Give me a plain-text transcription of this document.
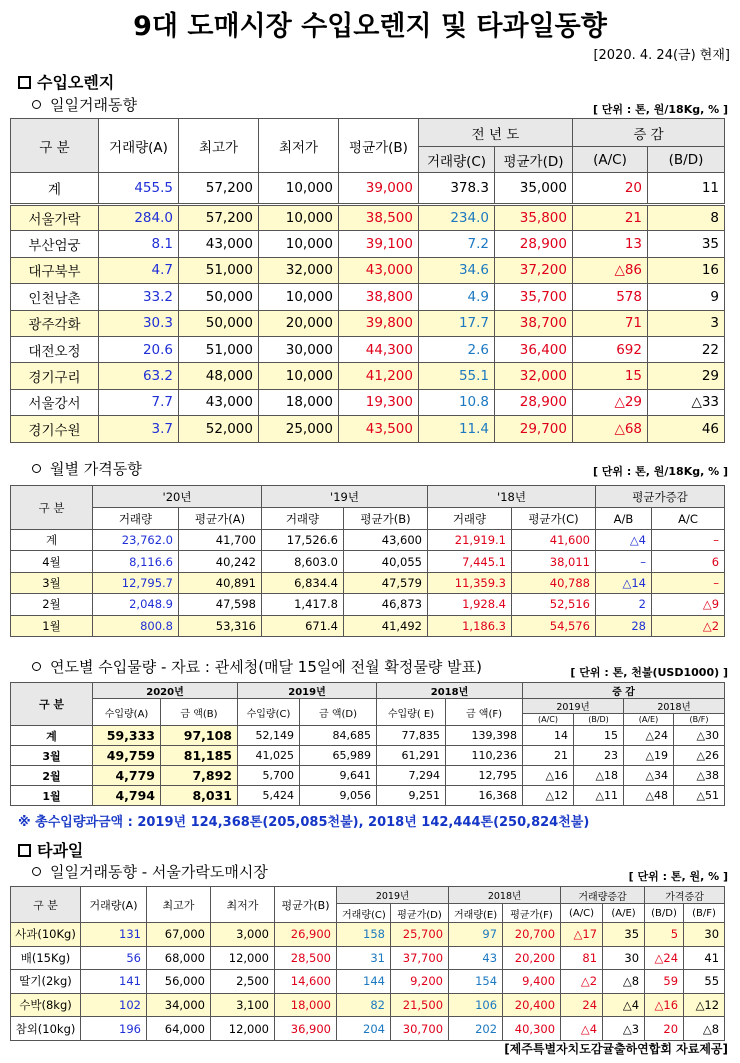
9대 도매시장 수입오렌지 및 타과일동향
[2020. 4. 24(금) 현재]
수입오렌지
일일거래동향	[ 단위 : 톤, 원/18Kg, % ]
구 분	거래량(A)	최고가	최저가	평균가(B)	전 년 도		증 감	
					거래량(C)	평균가(D)	(A/C)	(B/D)
계	455.5	57,200	10,000	39,000	378.3	35,000	20	11
서울가락	284.0	57,200	10,000	38,500	234.0	35,800	21	8
부산엄궁	8.1	43,000	10,000	39,100	7.2	28,900	13	35
대구북부	4.7	51,000	32,000	43,000	34.6	37,200	△86	16
인천남촌	33.2	50,000	10,000	38,800	4.9	35,700	578	9
광주각화	30.3	50,000	20,000	39,800	17.7	38,700	71	3
대전오정	20.6	51,000	30,000	44,300	2.6	36,400	692	22
경기구리	63.2	48,000	10,000	41,200	55.1	32,000	15	29
서울강서	7.7	43,000	18,000	19,300	10.8	28,900	△29	△33
경기수원	3.7	52,000	25,000	43,500	11.4	29,700	△68	46
월별 가격동향	[ 단위 : 톤, 원/18Kg, % ]
구 분	'20년		'19년		'18년		평균가증감	
	거래량	평균가(A)	거래량	평균가(B)	거래량	평균가(C)	A/B	A/C
계	23,762.0	41,700	17,526.6	43,600	21,919.1	41,600	△4	–
4월	8,116.6	40,242	8,603.0	40,055	7,445.1	38,011	–	6
3월	12,795.7	40,891	6,834.4	47,579	11,359.3	40,788	△14	–
2월	2,048.9	47,598	1,417.8	46,873	1,928.4	52,516	2	△9
1월	800.8	53,316	671.4	41,492	1,186.3	54,576	28	△2
연도별 수입물량 - 자료 : 관세청(매달 15일에 전월 확정물량 발표)	[ 단위 : 톤, 천불(USD1000) ]
구 분	2020년		2019년		2018년		증 감			
	수입량(A)	금 액(B)	수입량(C)	금 액(D)	수입량( E)	금 액(F)	2019년		2018년	
							(A/C)	(B/D)	(A/E)	(B/F)
계	59,333	97,108	52,149	84,685	77,835	139,398	14	15	△24	△30
3월	49,759	81,185	41,025	65,989	61,291	110,236	21	23	△19	△26
2월	4,779	7,892	5,700	9,641	7,294	12,795	△16	△18	△34	△38
1월	4,794	8,031	5,424	9,056	9,251	16,368	△12	△11	△48	△51
※ 총수입량과금액 : 2019년 124,368톤(205,085천불), 2018년 142,444톤(250,824천불)
타과일
일일거래동향 - 서울가락도매시장	[ 단위 : 톤, 원, % ]
구 분	거래량(A)	최고가	최저가	평균가(B)	2019년		2018년		거래량증감		가격증감	
					거래량(C)	평균가(D)	거래량(E)	평균가(F)	(A/C)	(A/E)	(B/D)	(B/F)
사과(10Kg)	131	67,000	3,000	26,900	158	25,700	97	20,700	△17	35	5	30
배(15Kg)	56	68,000	12,000	28,500	31	37,700	43	20,200	81	30	△24	41
딸기(2kg)	141	56,000	2,500	14,600	144	9,200	154	9,400	△2	△8	59	55
수박(8kg)	102	34,000	3,100	18,000	82	21,500	106	20,400	24	△4	△16	△12
참외(10kg)	196	64,000	12,000	36,900	204	30,700	202	40,300	△4	△3	20	△8
[제주특별자치도감귤출하연합회 자료제공]
